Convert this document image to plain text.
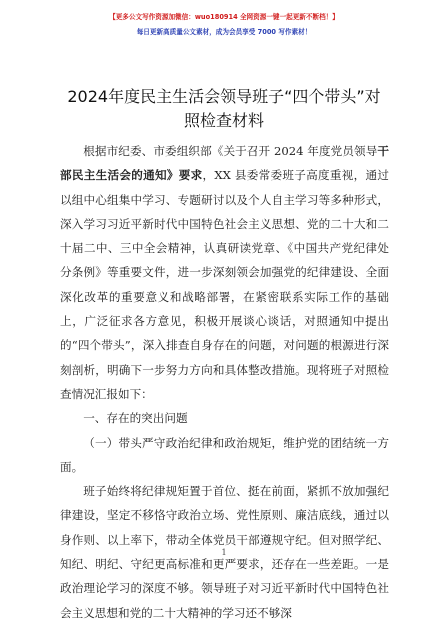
【更多公文写作资源加微信：wuo180914 全网资源一键一起更新不断档！】
每日更新高质量公文素材，成为会员享受 7000 写作素材！
2024年度民主生活会领导班子“四个带头”对照检查材料

根据市纪委、市委组织部《关于召开 2024 年度党员领导干部民主生活会的通知》要求，XX 县委常委班子高度重视，通过以组中心组集中学习、专题研讨以及个人自主学习等多种形式，深入学习习近平新时代中国特色社会主义思想、党的二十大和二十届二中、三中全会精神，认真研读党章、《中国共产党纪律处分条例》等重要文件，进一步深刻领会加强党的纪律建设、全面深化改革的重要意义和战略部署，在紧密联系实际工作的基础上，广泛征求各方意见，积极开展谈心谈话，对照通知中提出的“四个带头”，深入排查自身存在的问题，对问题的根源进行深刻剖析，明确下一步努力方向和具体整改措施。现将班子对照检查情况汇报如下：

一、存在的突出问题

（一）带头严守政治纪律和政治规矩，维护党的团结统一方面。

班子始终将纪律规矩置于首位、挺在前面，紧抓不放加强纪律建设，坚定不移恪守政治立场、党性原则、廉洁底线，通过以身作则、以上率下，带动全体党员干部遵规守纪。但对照学纪、知纪、明纪、守纪更高标准和更严要求，还存在一些差距。一是政治理论学习的深度不够。领导班子对习近平新时代中国特色社会主义思想和党的二十大精神的学习还不够深

1
